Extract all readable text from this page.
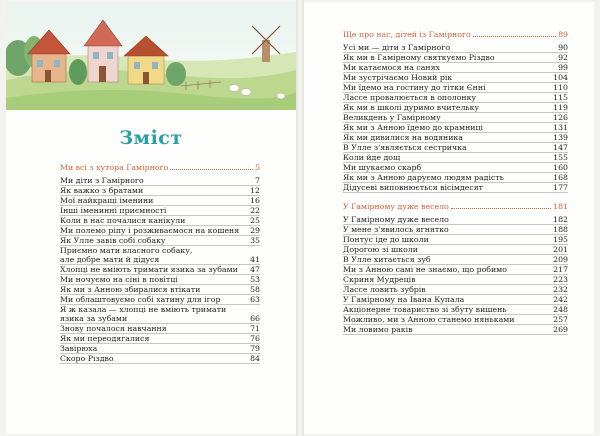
Зміст
Ми всі з хутора Гамірного	5
Ми діти з Гамірного	7
Як важко з братами	12
Мої найкращі іменини	16
Інші іменинні приємності	22
Коли в нас почалися канікули	25
Ми полемо ріпу і розживаємося на кошеня	29
Як Улле завів собі собаку	35
Приємно мати власного собаку,
але добре мати й дідуся	41
Хлопці не вміють тримати язика за зубами	47
Ми ночуємо на сіні в повітці	53
Як ми з Анною збиралися втікати	58
Ми облаштовуємо собі хатину для ігор	63
Я ж казала — хлопці не вміють тримати
язика за зубами	66
Знову почалося навчання	71
Як ми переодягалися	76
Завірюха	79
Скоро Різдво	84
Ще про нас, дітей із Гамірного	89
Усі ми — діти з Гамірного	90
Як ми в Гамірному святкуємо Різдво	92
Ми катаємося на санях	99
Ми зустрічаємо Новий рік	104
Ми їдемо на гостину до тітки Єнні	110
Лассе провалюється в ополонку	115
Як ми в школі дуримо вчительку	119
Великдень у Гамірному	126
Як ми з Анною їдемо до крамниці	131
Як ми дивилися на водяника	139
В Улле з'являється сестричка	147
Коли йде дощ	155
Ми шукаємо скарб	160
Як ми з Анною даруємо людям радість	168
Дідусеві виповнюється вісімдесят	177
У Гамірному дуже весело	181
У Гамірному дуже весело	182
У мене з'явилось ягнятко	188
Понтус іде до школи	195
Дорогою зі школи	201
В Улле хитається зуб	209
Ми з Анною самі не знаємо, що робимо	217
Скриня Мудреців	223
Лассе ловить зубрів	232
У Гамірному на Івана Купала	242
Акціонерне товариство зі збуту вишень	248
Можливо, ми з Анною станемо няньками	257
Ми ловимо раків	269
